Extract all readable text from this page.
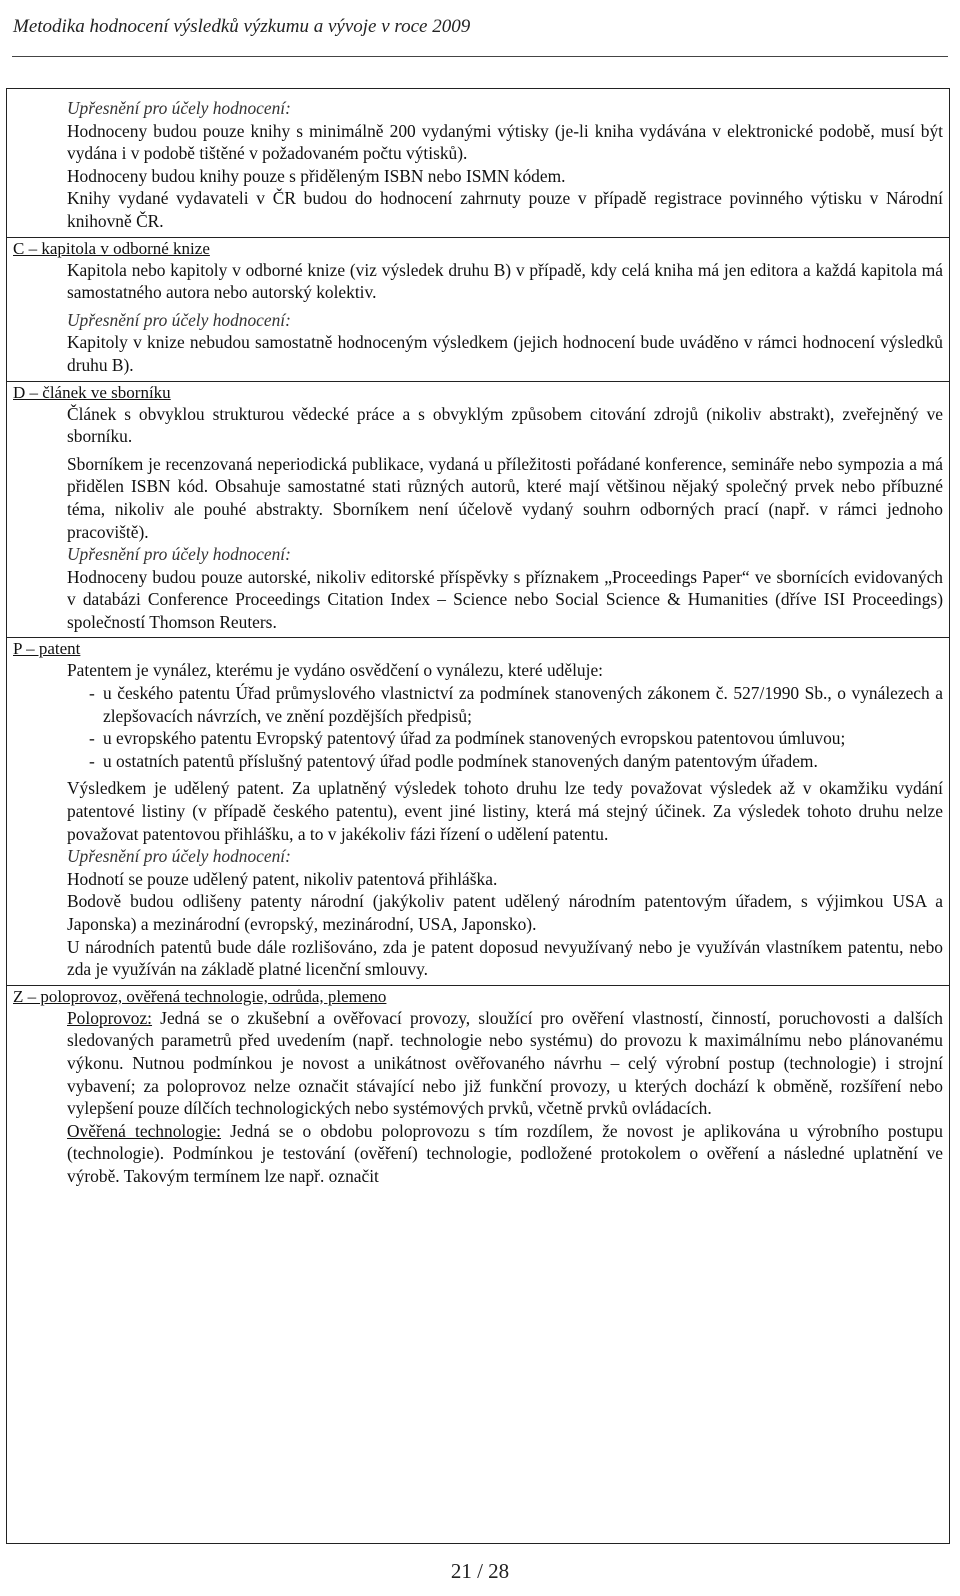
Metodika hodnocení výsledků výzkumu a vývoje v roce 2009

Upřesnění pro účely hodnocení:

Hodnoceny budou pouze knihy s minimálně 200 vydanými výtisky (je-li kniha vydávána v elektronické podobě, musí být vydána i v podobě tištěné v požadovaném počtu výtisků).

Hodnoceny budou knihy pouze s přiděleným ISBN nebo ISMN kódem.

Knihy vydané vydavateli v ČR budou do hodnocení zahrnuty pouze v případě registrace povinného výtisku v Národní knihovně ČR.

C – kapitola v odborné knize

Kapitola nebo kapitoly v odborné knize (viz výsledek druhu B) v případě, kdy celá kniha má jen editora a každá kapitola má samostatného autora nebo autorský kolektiv.

Upřesnění pro účely hodnocení:

Kapitoly v knize nebudou samostatně hodnoceným výsledkem (jejich hodnocení bude uváděno v rámci hodnocení výsledků druhu B).

D – článek ve sborníku

Článek s obvyklou strukturou vědecké práce a s obvyklým způsobem citování zdrojů (nikoliv abstrakt), zveřejněný ve sborníku.

Sborníkem je recenzovaná neperiodická publikace, vydaná u příležitosti pořádané konference, semináře nebo sympozia a má přidělen ISBN kód. Obsahuje samostatné stati různých autorů, které mají většinou nějaký společný prvek nebo příbuzné téma, nikoliv ale pouhé abstrakty. Sborníkem není účelově vydaný souhrn odborných prací (např. v rámci jednoho pracoviště).

Upřesnění pro účely hodnocení:

Hodnoceny budou pouze autorské, nikoliv editorské příspěvky s příznakem „Proceedings Paper“ ve sbornících evidovaných v databázi Conference Proceedings Citation Index – Science nebo Social Science & Humanities (dříve ISI Proceedings) společností Thomson Reuters.

P – patent

Patentem je vynález, kterému je vydáno osvědčení o vynálezu, které uděluje:

- u českého patentu Úřad průmyslového vlastnictví za podmínek stanovených zákonem č. 527/1990 Sb., o vynálezech a zlepšovacích návrzích, ve znění pozdějších předpisů;
- u evropského patentu Evropský patentový úřad za podmínek stanovených evropskou patentovou úmluvou;
- u ostatních patentů příslušný patentový úřad podle podmínek stanovených daným patentovým úřadem.

Výsledkem je udělený patent. Za uplatněný výsledek tohoto druhu lze tedy považovat výsledek až v okamžiku vydání patentové listiny (v případě českého patentu), event jiné listiny, která má stejný účinek. Za výsledek tohoto druhu nelze považovat patentovou přihlášku, a to v jakékoliv fázi řízení o udělení patentu.

Upřesnění pro účely hodnocení:

Hodnotí se pouze udělený patent, nikoliv patentová přihláška.

Bodově budou odlišeny patenty národní (jakýkoliv patent udělený národním patentovým úřadem, s výjimkou USA a Japonska) a mezinárodní (evropský, mezinárodní, USA, Japonsko).

U národních patentů bude dále rozlišováno, zda je patent doposud nevyužívaný nebo je využíván vlastníkem patentu, nebo zda je využíván na základě platné licenční smlouvy.

Z – poloprovoz, ověřená technologie, odrůda, plemeno

Poloprovoz: Jedná se o zkušební a ověřovací provozy, sloužící pro ověření vlastností, činností, poruchovosti a dalších sledovaných parametrů před uvedením (např. technologie nebo systému) do provozu k maximálnímu nebo plánovanému výkonu. Nutnou podmínkou je novost a unikátnost ověřovaného návrhu – celý výrobní postup (technologie) i strojní vybavení; za poloprovoz nelze označit stávající nebo již funkční provozy, u kterých dochází k obměně, rozšíření nebo vylepšení pouze dílčích technologických nebo systémových prvků, včetně prvků ovládacích.

Ověřená technologie: Jedná se o obdobu poloprovozu s tím rozdílem, že novost je aplikována u výrobního postupu (technologie). Podmínkou je testování (ověření) technologie, podložené protokolem o ověření a následné uplatnění ve výrobě. Takovým termínem lze např. označit

21 / 28
